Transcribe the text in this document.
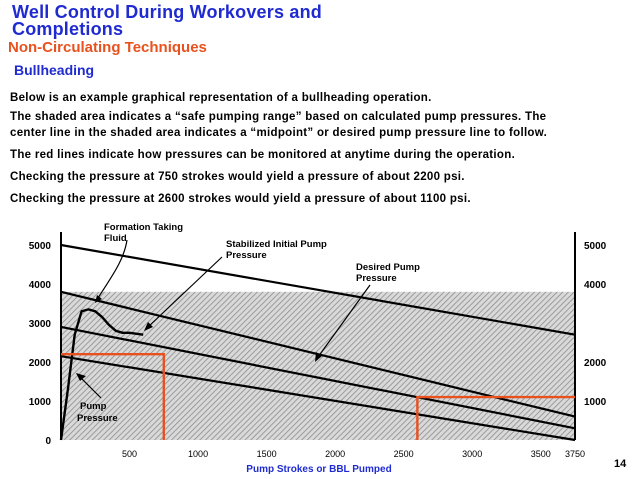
Well Control During Workovers and
Completions
Non-Circulating Techniques
Bullheading
Below is an example graphical representation of a bullheading operation.
The shaded area indicates a “safe pumping range” based on calculated pump pressures. The
center line in the shaded area indicates a “midpoint” or desired pump pressure line to follow.
The red lines indicate how pressures can be monitored at anytime during the operation.
Checking the pressure at 750 strokes would yield a pressure of about 2200 psi.
Checking the pressure at 2600 strokes would yield a pressure of about 1100 psi.
0
1000
2000
3000
4000
5000
1000
2000
4000
5000
500	1000	1500	2000	2500	3000	3500 3750
Formation Taking
Fluid
Stabilized Initial Pump
Pressure
Desired Pump
Pressure
Pump
Pressure
Pump Strokes or BBL Pumped	14
